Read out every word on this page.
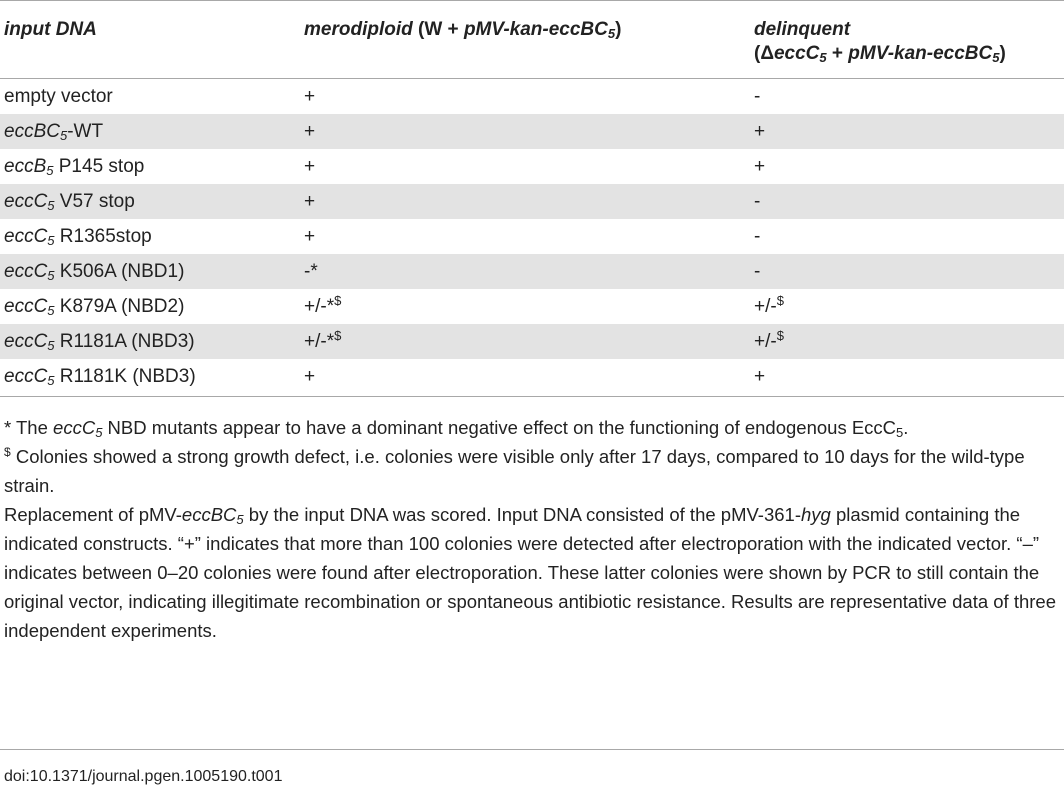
input DNA	merodiploid (W + pMV-kan-eccBC$_5$)	delinquent
(ΔeccC$_5$ + pMV-kan-eccBC$_5$)
empty vector	+	-
eccBC$_5$-WT	+	+
eccB$_5$ P145 stop	+	+
eccC$_5$ V57 stop	+	-
eccC$_5$ R1365stop	+	-
eccC$_5$ K506A (NBD1)	-*	-
eccC$_5$ K879A (NBD2)	+/-*$	+/-$
eccC$_5$ R1181A (NBD3)	+/-*$	+/-$
eccC$_5$ R1181K (NBD3)	+	+

* The eccC$_5$ NBD mutants appear to have a dominant negative effect on the functioning of endogenous EccC$_5$.

$ Colonies showed a strong growth defect, i.e. colonies were visible only after 17 days, compared to 10 days for the wild-type strain.

Replacement of pMV-eccBC$_5$ by the input DNA was scored. Input DNA consisted of the pMV-361-hyg plasmid containing the indicated constructs. “+” indicates that more than 100 colonies were detected after electroporation with the indicated vector. “–” indicates between 0–20 colonies were found after electroporation. These latter colonies were shown by PCR to still contain the original vector, indicating illegitimate recombination or spontaneous antibiotic resistance. Results are representative data of three independent experiments.

doi:10.1371/journal.pgen.1005190.t001
